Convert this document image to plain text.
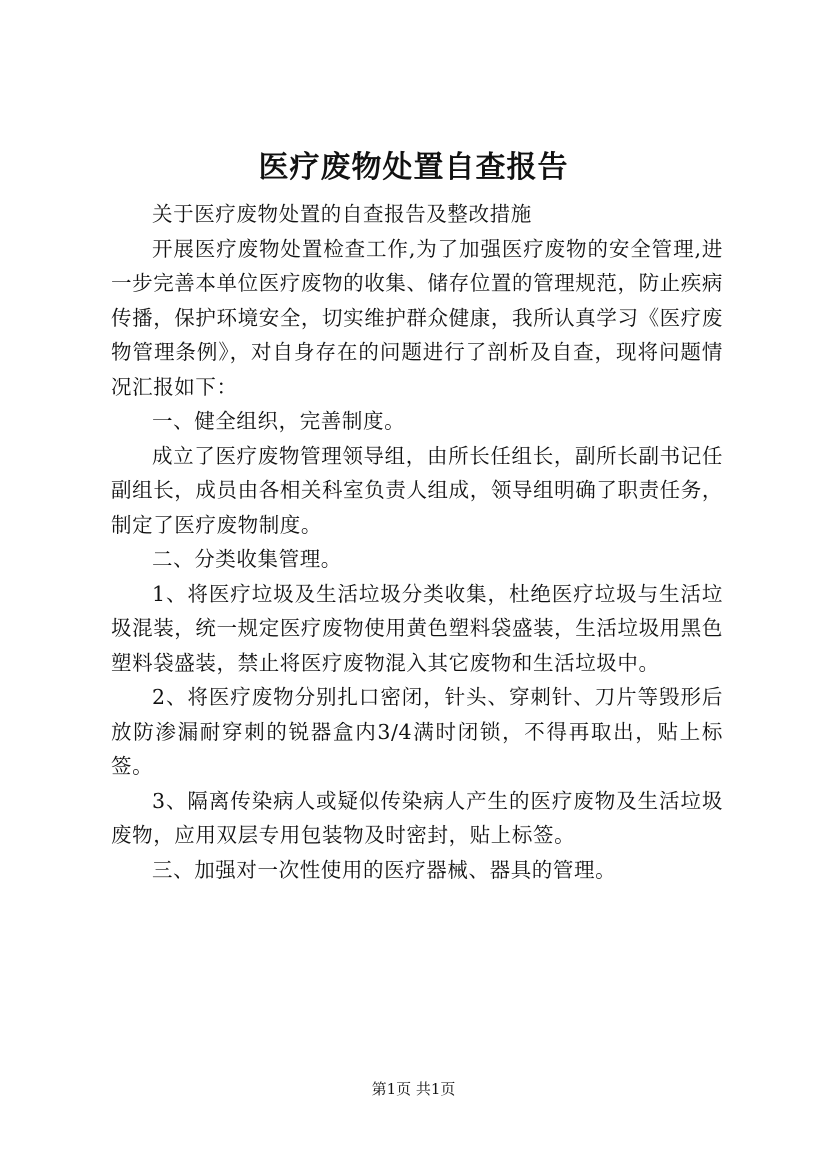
医疗废物处置自查报告

关于医疗废物处置的自查报告及整改措施

开展医疗废物处置检查工作,为了加强医疗废物的安全管理,进一步完善本单位医疗废物的收集、储存位置的管理规范，防止疾病传播，保护环境安全，切实维护群众健康，我所认真学习《医疗废物管理条例》，对自身存在的问题进行了剖析及自查，现将问题情况汇报如下：

一、健全组织，完善制度。

成立了医疗废物管理领导组，由所长任组长，副所长副书记任副组长，成员由各相关科室负责人组成，领导组明确了职责任务，制定了医疗废物制度。

二、分类收集管理。

1、将医疗垃圾及生活垃圾分类收集，杜绝医疗垃圾与生活垃圾混装，统一规定医疗废物使用黄色塑料袋盛装，生活垃圾用黑色塑料袋盛装，禁止将医疗废物混入其它废物和生活垃圾中。

2、将医疗废物分别扎口密闭，针头、穿刺针、刀片等毁形后放防渗漏耐穿刺的锐器盒内3/4满时闭锁，不得再取出，贴上标签。

3、隔离传染病人或疑似传染病人产生的医疗废物及生活垃圾废物，应用双层专用包装物及时密封，贴上标签。

三、加强对一次性使用的医疗器械、器具的管理。

第1页 共1页
